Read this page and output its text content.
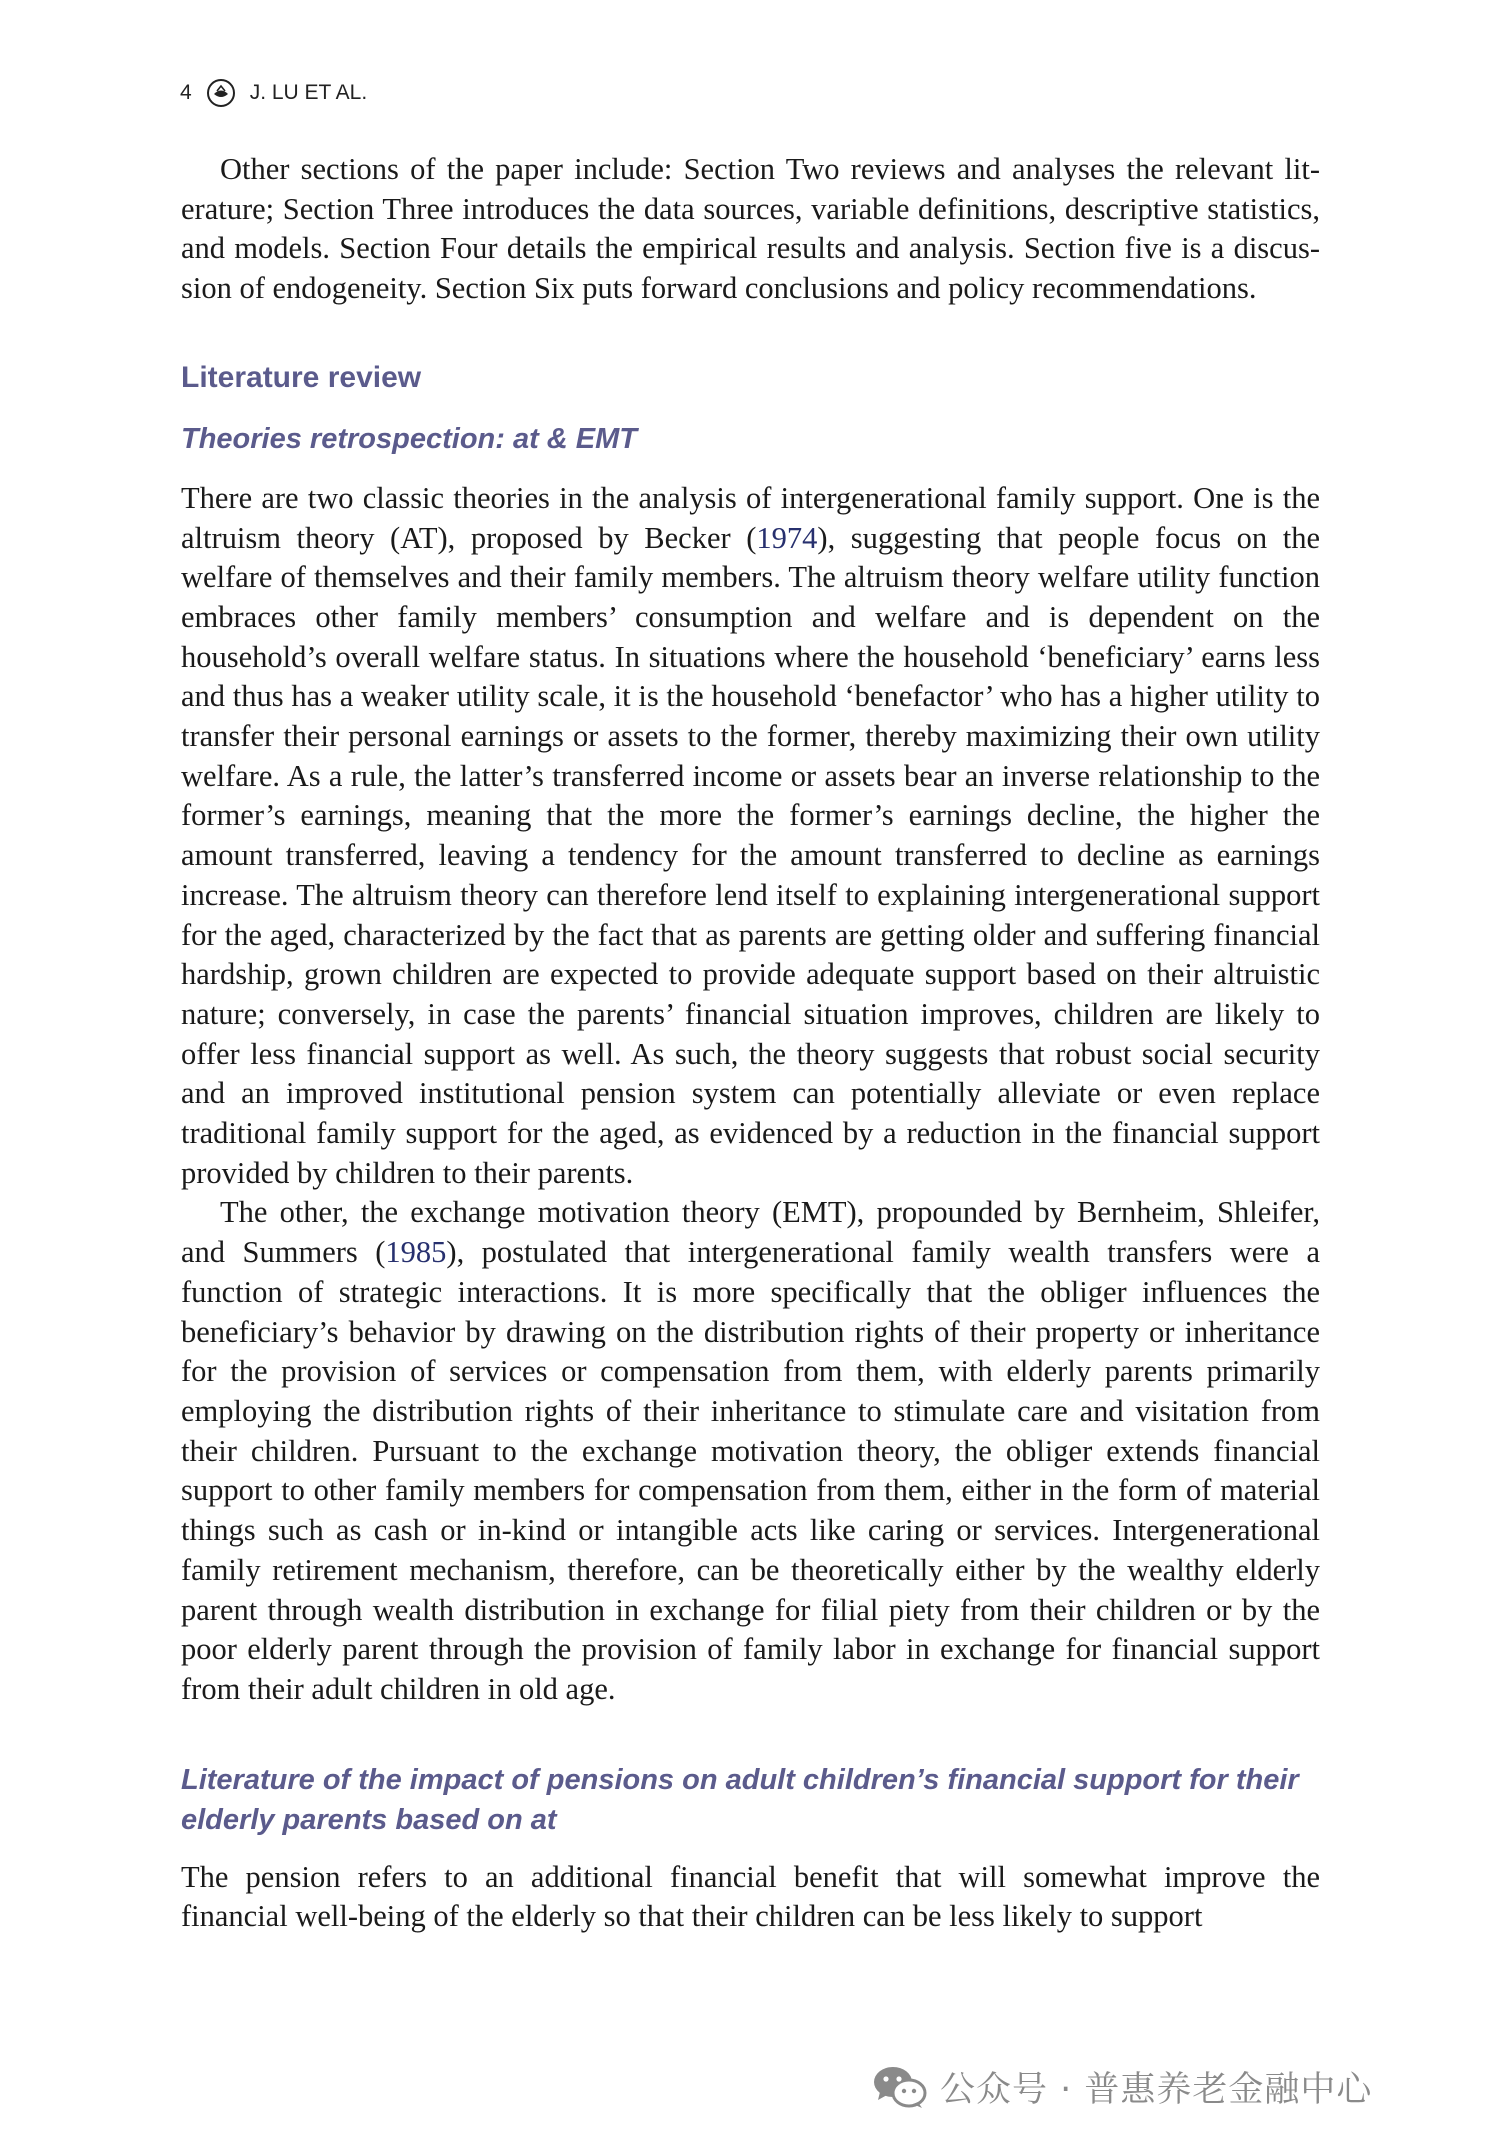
4	J. LU ET AL.

Other sections of the paper include: Section Two reviews and analyses the relevant literature; Section Three introduces the data sources, variable definitions, descriptive statistics, and models. Section Four details the empirical results and analysis. Section five is a discussion of endogeneity. Section Six puts forward conclusions and policy recommendations.

Literature review
Theories retrospection: at & EMT

There are two classic theories in the analysis of intergenerational family support. One is the altruism theory (AT), proposed by Becker (1974), suggesting that people focus on the welfare of themselves and their family members. The altruism theory welfare utility function embraces other family members’ consumption and welfare and is dependent on the household’s overall welfare status. In situations where the household ‘beneficiary’ earns less and thus has a weaker utility scale, it is the household ‘benefactor’ who has a higher utility to transfer their personal earnings or assets to the former, thereby maximizing their own utility welfare. As a rule, the latter’s transferred income or assets bear an inverse relationship to the former’s earnings, meaning that the more the former’s earnings decline, the higher the amount transferred, leaving a tendency for the amount transferred to decline as earnings increase. The altruism theory can therefore lend itself to explaining intergenerational support for the aged, characterized by the fact that as parents are getting older and suffering financial hardship, grown children are expected to provide adequate support based on their altruistic nature; conversely, in case the parents’ financial situation improves, children are likely to offer less financial support as well. As such, the theory suggests that robust social security and an improved institutional pension system can potentially alleviate or even replace traditional family support for the aged, as evidenced by a reduction in the financial support provided by children to their parents.

The other, the exchange motivation theory (EMT), propounded by Bernheim, Shleifer, and Summers (1985), postulated that intergenerational family wealth transfers were a function of strategic interactions. It is more specifically that the obliger influences the beneficiary’s behavior by drawing on the distribution rights of their property or inheritance for the provision of services or compensation from them, with elderly parents primarily employing the distribution rights of their inheritance to stimulate care and visitation from their children. Pursuant to the exchange motivation theory, the obliger extends financial support to other family members for compensation from them, either in the form of material things such as cash or in-kind or intangible acts like caring or services. Intergenerational family retirement mechanism, therefore, can be theoretically either by the wealthy elderly parent through wealth distribution in exchange for filial piety from their children or by the poor elderly parent through the provision of family labor in exchange for financial support from their adult children in old age.

Literature of the impact of pensions on adult children’s financial support for their elderly parents based on at

The pension refers to an additional financial benefit that will somewhat improve the financial well-being of the elderly so that their children can be less likely to support

公众号 · 普惠养老金融中心
